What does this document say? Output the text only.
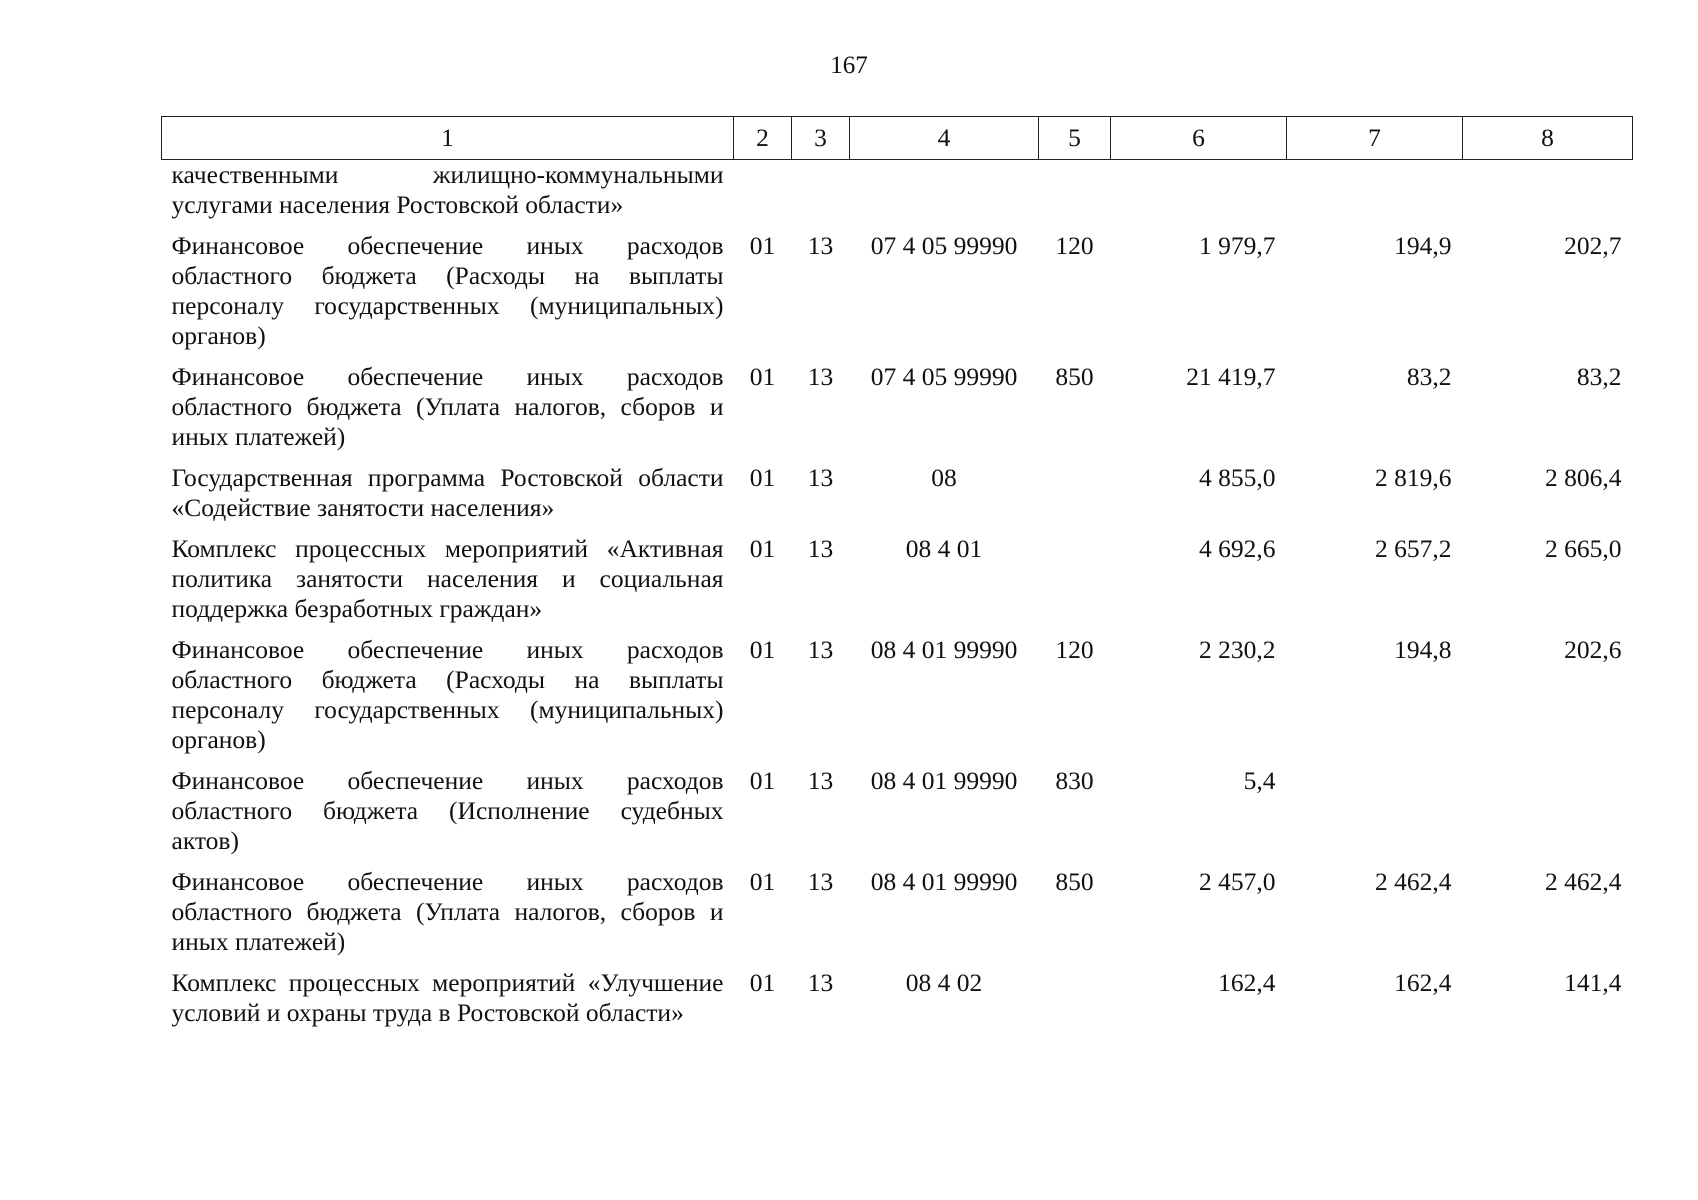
167
1	2	3	4	5	6	7	8
качественными жилищно-коммунальными услугами населения Ростовской области»							
Финансовое обеспечение иных расходов областного бюджета (Расходы на выплаты персоналу государственных (муниципальных) органов)	01	13	07 4 05 99990	120	1 979,7	194,9	202,7
Финансовое обеспечение иных расходов областного бюджета (Уплата налогов, сборов и иных платежей)	01	13	07 4 05 99990	850	21 419,7	83,2	83,2
Государственная программа Ростовской области «Содействие занятости населения»	01	13	08		4 855,0	2 819,6	2 806,4
Комплекс процессных мероприятий «Активная политика занятости населения и социальная поддержка безработных граждан»	01	13	08 4 01		4 692,6	2 657,2	2 665,0
Финансовое обеспечение иных расходов областного бюджета (Расходы на выплаты персоналу государственных (муниципальных) органов)	01	13	08 4 01 99990	120	2 230,2	194,8	202,6
Финансовое обеспечение иных расходов областного бюджета (Исполнение судебных актов)	01	13	08 4 01 99990	830	5,4		
Финансовое обеспечение иных расходов областного бюджета (Уплата налогов, сборов и иных платежей)	01	13	08 4 01 99990	850	2 457,0	2 462,4	2 462,4
Комплекс процессных мероприятий «Улучшение условий и охраны труда в Ростовской области»	01	13	08 4 02		162,4	162,4	141,4
